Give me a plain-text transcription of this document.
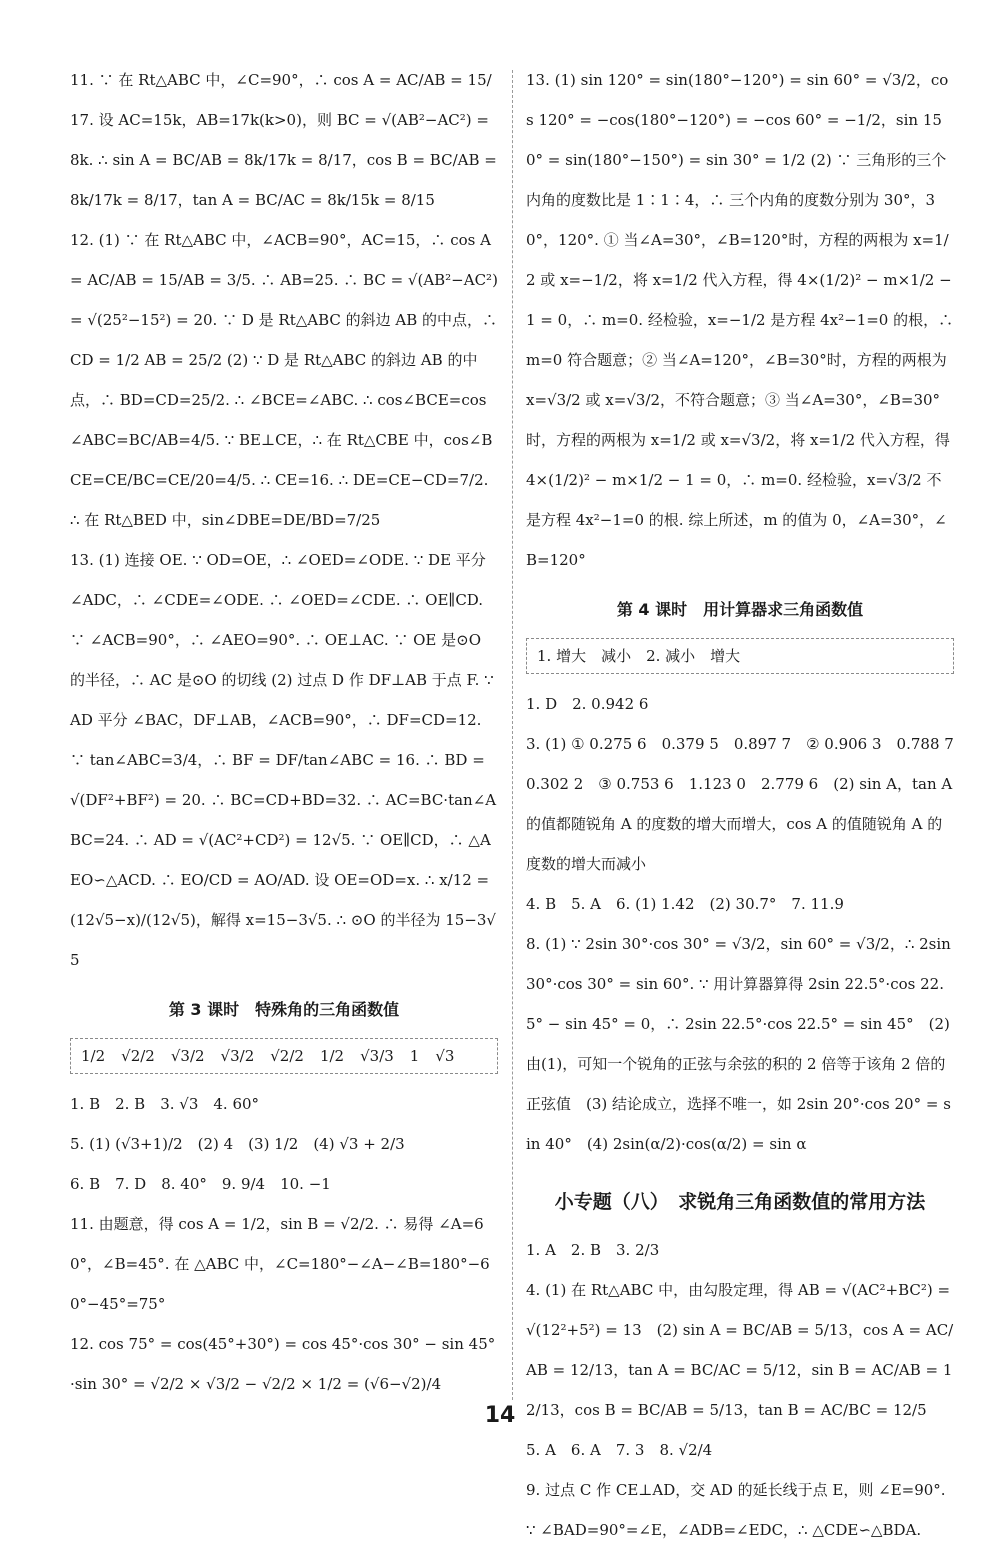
11. ∵ 在 Rt△ABC 中，∠C=90°，∴ cos A = AC/AB = 15/17. 设 AC=15k，AB=17k(k>0)，则 BC = √(AB²−AC²) = 8k. ∴ sin A = BC/AB = 8k/17k = 8/17，cos B = BC/AB = 8k/17k = 8/17，tan A = BC/AC = 8k/15k = 8/15

12. (1) ∵ 在 Rt△ABC 中，∠ACB=90°，AC=15，∴ cos A = AC/AB = 15/AB = 3/5. ∴ AB=25. ∴ BC = √(AB²−AC²) = √(25²−15²) = 20. ∵ D 是 Rt△ABC 的斜边 AB 的中点，∴ CD = 1/2 AB = 25/2 (2) ∵ D 是 Rt△ABC 的斜边 AB 的中点，∴ BD=CD=25/2. ∴ ∠BCE=∠ABC. ∴ cos∠BCE=cos∠ABC=BC/AB=4/5. ∵ BE⊥CE，∴ 在 Rt△CBE 中，cos∠BCE=CE/BC=CE/20=4/5. ∴ CE=16. ∴ DE=CE−CD=7/2. ∴ 在 Rt△BED 中，sin∠DBE=DE/BD=7/25

13. (1) 连接 OE. ∵ OD=OE，∴ ∠OED=∠ODE. ∵ DE 平分 ∠ADC，∴ ∠CDE=∠ODE. ∴ ∠OED=∠CDE. ∴ OE∥CD. ∵ ∠ACB=90°，∴ ∠AEO=90°. ∴ OE⊥AC. ∵ OE 是⊙O 的半径，∴ AC 是⊙O 的切线 (2) 过点 D 作 DF⊥AB 于点 F. ∵ AD 平分 ∠BAC，DF⊥AB，∠ACB=90°，∴ DF=CD=12. ∵ tan∠ABC=3/4，∴ BF = DF/tan∠ABC = 16. ∴ BD = √(DF²+BF²) = 20. ∴ BC=CD+BD=32. ∴ AC=BC·tan∠ABC=24. ∴ AD = √(AC²+CD²) = 12√5. ∵ OE∥CD，∴ △AEO∽△ACD. ∴ EO/CD = AO/AD. 设 OE=OD=x. ∴ x/12 = (12√5−x)/(12√5)，解得 x=15−3√5. ∴ ⊙O 的半径为 15−3√5

第 3 课时　特殊角的三角函数值
1/2 √2/2 √3/2 √3/2 √2/2 1/2 √3/3 1 √3

1. B　2. B　3. √3　4. 60°

5. (1) (√3+1)/2　(2) 4　(3) 1/2　(4) √3 + 2/3

6. B　7. D　8. 40°　9. 9/4　10. −1

11. 由题意，得 cos A = 1/2，sin B = √2/2. ∴ 易得 ∠A=60°，∠B=45°. 在 △ABC 中，∠C=180°−∠A−∠B=180°−60°−45°=75°

12. cos 75° = cos(45°+30°) = cos 45°·cos 30° − sin 45°·sin 30° = √2/2 × √3/2 − √2/2 × 1/2 = (√6−√2)/4

13. (1) sin 120° = sin(180°−120°) = sin 60° = √3/2，cos 120° = −cos(180°−120°) = −cos 60° = −1/2，sin 150° = sin(180°−150°) = sin 30° = 1/2 (2) ∵ 三角形的三个内角的度数比是 1∶1∶4，∴ 三个内角的度数分别为 30°，30°，120°. ① 当∠A=30°，∠B=120°时，方程的两根为 x=1/2 或 x=−1/2，将 x=1/2 代入方程，得 4×(1/2)² − m×1/2 − 1 = 0，∴ m=0. 经检验，x=−1/2 是方程 4x²−1=0 的根，∴ m=0 符合题意；② 当∠A=120°，∠B=30°时，方程的两根为 x=√3/2 或 x=√3/2，不符合题意；③ 当∠A=30°，∠B=30°时，方程的两根为 x=1/2 或 x=√3/2，将 x=1/2 代入方程，得 4×(1/2)² − m×1/2 − 1 = 0，∴ m=0. 经检验，x=√3/2 不是方程 4x²−1=0 的根. 综上所述，m 的值为 0，∠A=30°，∠B=120°

第 4 课时　用计算器求三角函数值
1. 增大　减小　2. 减小　增大

1. D　2. 0.942 6

3. (1) ① 0.275 6　0.379 5　0.897 7　② 0.906 3　0.788 7　0.302 2　③ 0.753 6　1.123 0　2.779 6　(2) sin A，tan A 的值都随锐角 A 的度数的增大而增大，cos A 的值随锐角 A 的度数的增大而减小

4. B　5. A　6. (1) 1.42　(2) 30.7°　7. 11.9

8. (1) ∵ 2sin 30°·cos 30° = √3/2，sin 60° = √3/2，∴ 2sin 30°·cos 30° = sin 60°. ∵ 用计算器算得 2sin 22.5°·cos 22.5° − sin 45° = 0，∴ 2sin 22.5°·cos 22.5° = sin 45°　(2) 由(1)，可知一个锐角的正弦与余弦的积的 2 倍等于该角 2 倍的正弦值　(3) 结论成立，选择不唯一，如 2sin 20°·cos 20° = sin 40°　(4) 2sin(α/2)·cos(α/2) = sin α

小专题（八）　求锐角三角函数值的常用方法

1. A　2. B　3. 2/3

4. (1) 在 Rt△ABC 中，由勾股定理，得 AB = √(AC²+BC²) = √(12²+5²) = 13　(2) sin A = BC/AB = 5/13，cos A = AC/AB = 12/13，tan A = BC/AC = 5/12，sin B = AC/AB = 12/13，cos B = BC/AB = 5/13，tan B = AC/BC = 12/5

5. A　6. A　7. 3　8. √2/4

9. 过点 C 作 CE⊥AD，交 AD 的延长线于点 E，则 ∠E=90°. ∵ ∠BAD=90°=∠E，∠ADB=∠EDC，∴ △CDE∽△BDA.

14
